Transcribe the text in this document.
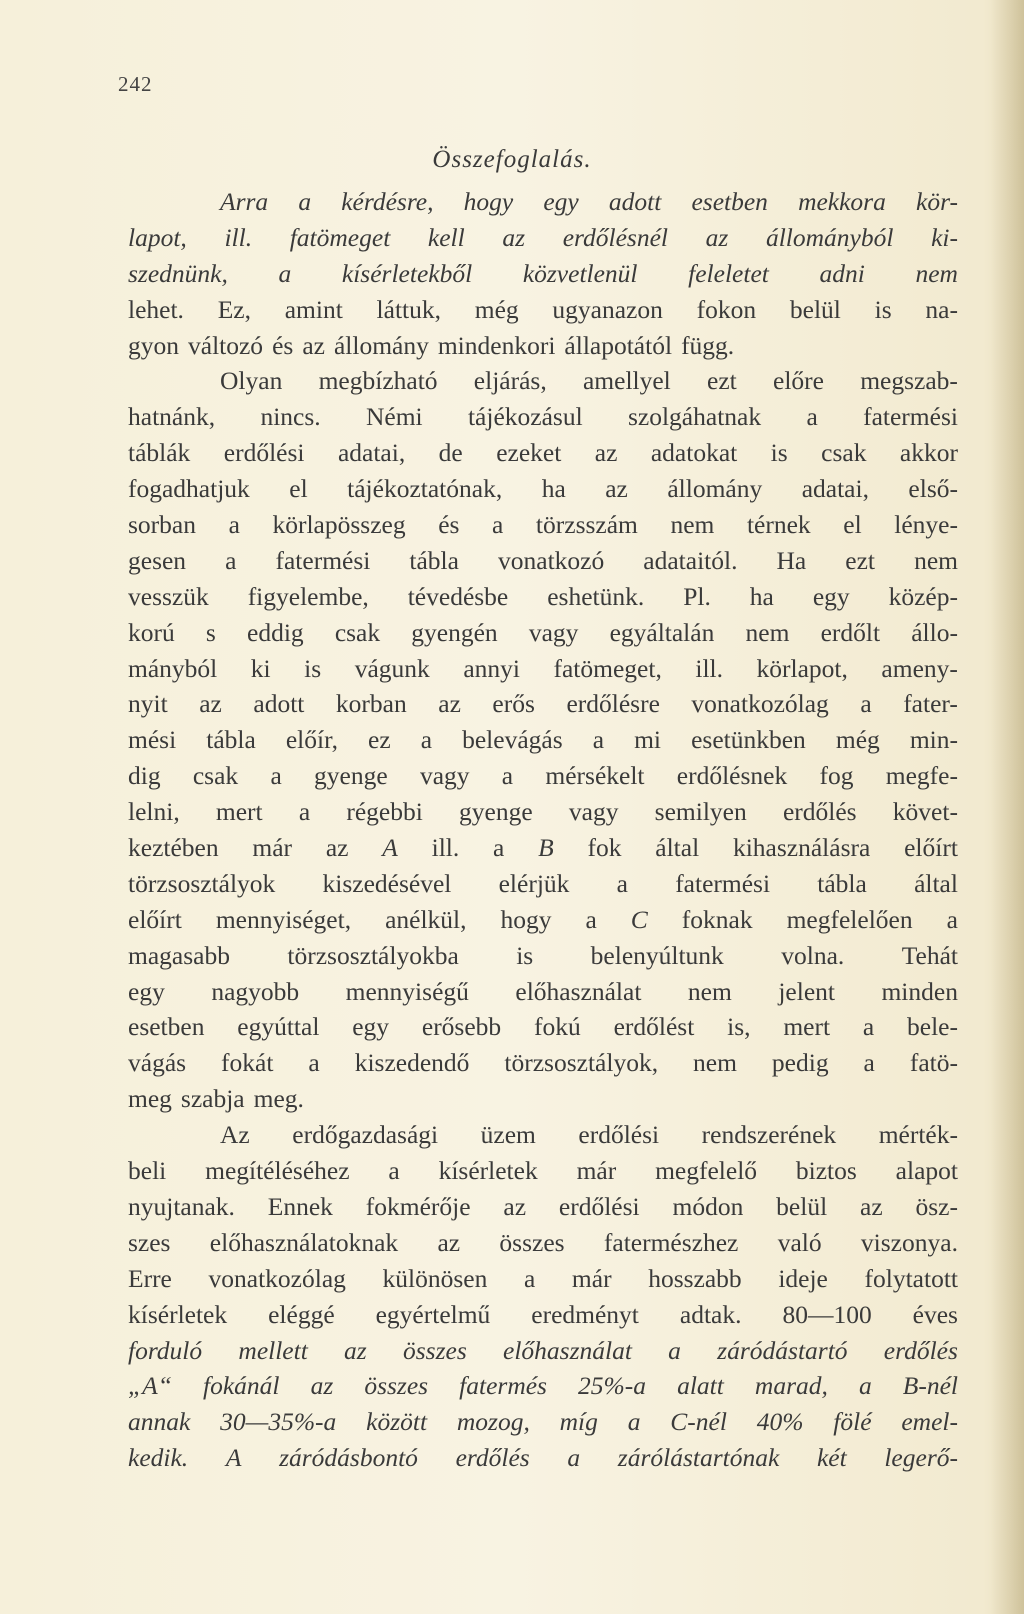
242
Összefoglalás.
Arra a kérdésre, hogy egy adott esetben mekkora kör-
lapot, ill. fatömeget kell az erdőlésnél az állományból ki-
szednünk, a kísérletekből közvetlenül feleletet adni nem
lehet. Ez, amint láttuk, még ugyanazon fokon belül is na-
gyon változó és az állomány mindenkori állapotától függ.
Olyan megbízható eljárás, amellyel ezt előre megszab-
hatnánk, nincs. Némi tájékozásul szolgáhatnak a fatermési
táblák erdőlési adatai, de ezeket az adatokat is csak akkor
fogadhatjuk el tájékoztatónak, ha az állomány adatai, első-
sorban a körlapösszeg és a törzsszám nem térnek el lénye-
gesen a fatermési tábla vonatkozó adataitól. Ha ezt nem
vesszük figyelembe, tévedésbe eshetünk. Pl. ha egy közép-
korú s eddig csak gyengén vagy egyáltalán nem erdőlt állo-
mányból ki is vágunk annyi fatömeget, ill. körlapot, ameny-
nyit az adott korban az erős erdőlésre vonatkozólag a fater-
mési tábla előír, ez a belevágás a mi esetünkben még min-
dig csak a gyenge vagy a mérsékelt erdőlésnek fog megfe-
lelni, mert a régebbi gyenge vagy semilyen erdőlés követ-
keztében már az A ill. a B fok által kihasználásra előírt
törzsosztályok kiszedésével elérjük a fatermési tábla által
előírt mennyiséget, anélkül, hogy a C foknak megfelelően a
magasabb törzsosztályokba is belenyúltunk volna. Tehát
egy nagyobb mennyiségű előhasználat nem jelent minden
esetben egyúttal egy erősebb fokú erdőlést is, mert a bele-
vágás fokát a kiszedendő törzsosztályok, nem pedig a fatö-
meg szabja meg.
Az erdőgazdasági üzem erdőlési rendszerének mérték-
beli megítéléséhez a kísérletek már megfelelő biztos alapot
nyujtanak. Ennek fokmérője az erdőlési módon belül az ösz-
szes előhasználatoknak az összes fatermészhez való viszonya.
Erre vonatkozólag különösen a már hosszabb ideje folytatott
kísérletek eléggé egyértelmű eredményt adtak. 80—100 éves
forduló mellett az összes előhasználat a záródástartó erdőlés
„A“ fokánál az összes fatermés 25%-a alatt marad, a B-nél
annak 30—35%-a között mozog, míg a C-nél 40% fölé emel-
kedik. A záródásbontó erdőlés a zárólástartónak két legerő-
